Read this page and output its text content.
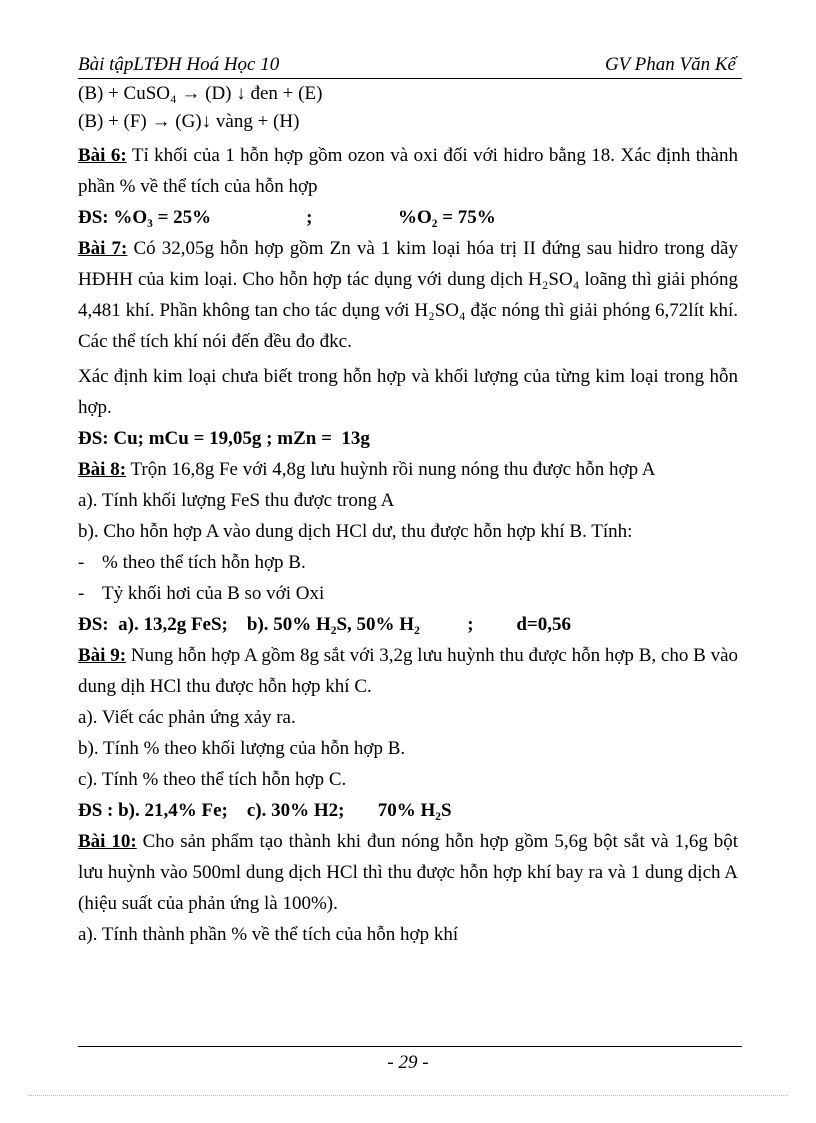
Bài tậpLTĐH Hoá Học 10	GV Phan Văn Kế

(B) + CuSO₄ → (D) ↓ đen + (E)

(B) + (F) → (G)↓ vàng + (H)

Bài 6: Tỉ khối của 1 hỗn hợp gồm ozon và oxi đối với hidro bằng 18. Xác định thành phần % về thể tích của hỗn hợp

ĐS: %O₃ = 25%                    ;                  %O₂ = 75%

Bài 7: Có 32,05g hỗn hợp gồm Zn và 1 kim loại hóa trị II đứng sau hidro trong dãy HĐHH của kim loại. Cho hỗn hợp tác dụng với dung dịch H₂SO₄ loãng thì giải phóng 4,481 khí. Phần không tan cho tác dụng với H₂SO₄ đặc nóng thì giải phóng 6,72lít khí. Các thể tích khí nói đến đều đo đkc.

Xác định kim loại chưa biết trong hỗn hợp và khối lượng của từng kim loại trong hỗn hợp.

ĐS: Cu; mCu = 19,05g ; mZn =  13g

Bài 8: Trộn 16,8g Fe với 4,8g lưu huỳnh rồi nung nóng thu được hỗn hợp A

a). Tính khối lượng FeS thu được trong A

b). Cho hỗn hợp A vào dung dịch HCl dư, thu được hỗn hợp khí B. Tính:

- % theo thể tích hỗn hợp B.

- Tỷ khối hơi của B so với Oxi

ĐS:  a). 13,2g FeS;    b). 50% H₂S, 50% H₂          ;         d=0,56

Bài 9: Nung hỗn hợp A gồm 8g sắt với 3,2g lưu huỳnh thu được hỗn hợp B, cho B vào dung dịh HCl thu được hỗn hợp khí C.

a). Viết các phản ứng xảy ra.

b). Tính % theo khối lượng của hỗn hợp B.

c). Tính % theo thể tích hỗn hợp C.

ĐS : b). 21,4% Fe;    c). 30% H2;       70% H₂S

Bài 10: Cho sản phẩm tạo thành khi đun nóng hỗn hợp gồm 5,6g bột sắt và 1,6g bột lưu huỳnh vào 500ml dung dịch HCl thì thu được hỗn hợp khí bay ra và 1 dung dịch A (hiệu suất của phản ứng là 100%).

a). Tính thành phần % về thể tích của hỗn hợp khí

- 29 -
